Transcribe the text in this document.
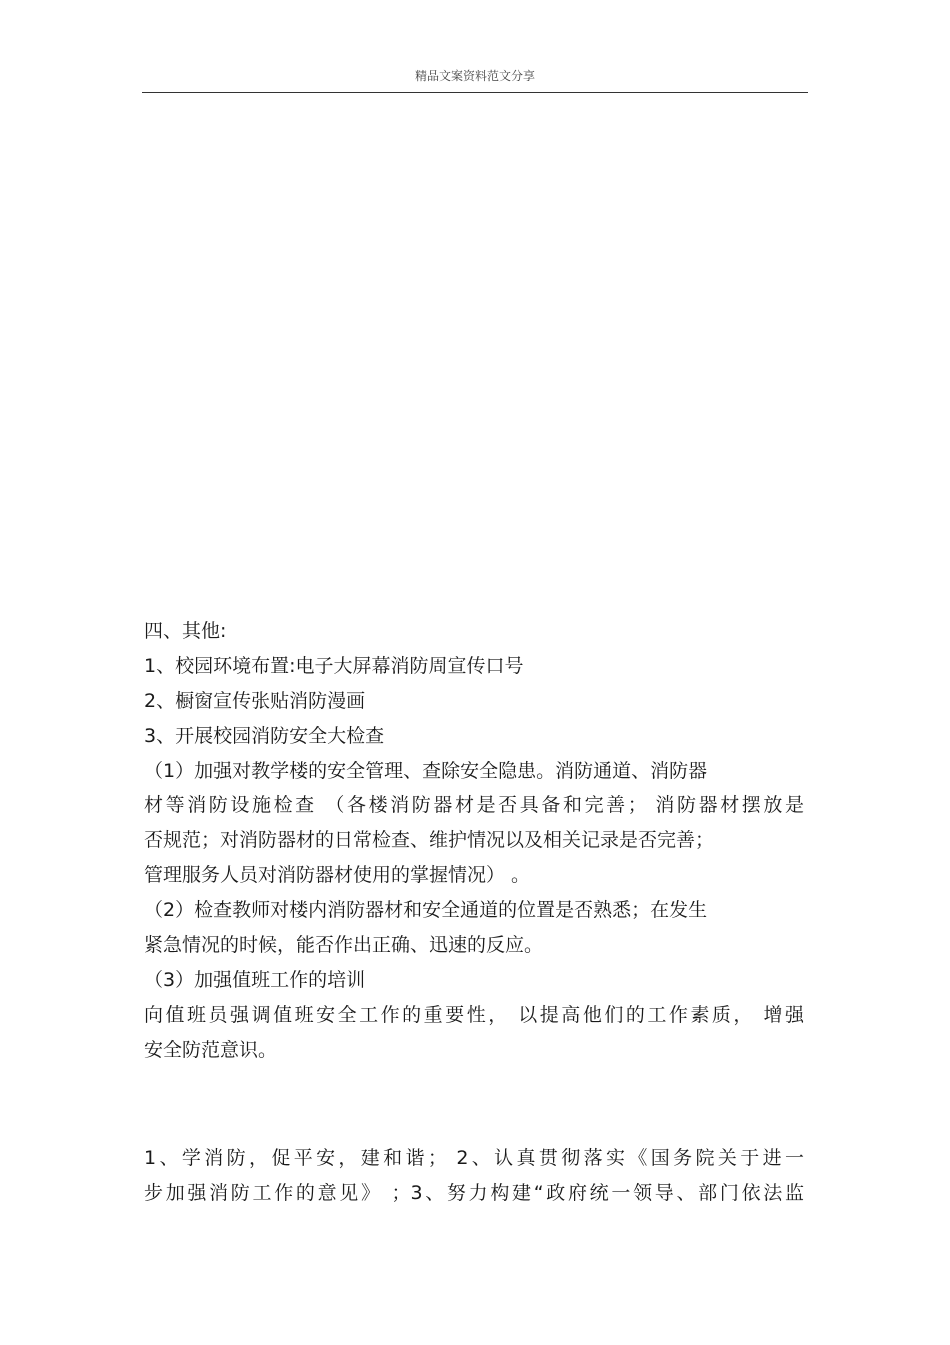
精品文案资料范文分享
四、其他:
1、校园环境布置:电子大屏幕消防周宣传口号
2、橱窗宣传张贴消防漫画
3、开展校园消防安全大检查
（1）加强对教学楼的安全管理、查除安全隐患。消防通道、消防器
材等消防设施检查 （各楼消防器材是否具备和完善； 消防器材摆放是
否规范；对消防器材的日常检查、维护情况以及相关记录是否完善；
管理服务人员对消防器材使用的掌握情况） 。
（2）检查教师对楼内消防器材和安全通道的位置是否熟悉；在发生
紧急情况的时候，能否作出正确、迅速的反应。
（3）加强值班工作的培训
向值班员强调值班安全工作的重要性， 以提高他们的工作素质， 增强
安全防范意识。
1、学消防，促平安，建和谐； 2、认真贯彻落实《国务院关于进一
步加强消防工作的意见》 ；3、努力构建“政府统一领导、部门依法监
